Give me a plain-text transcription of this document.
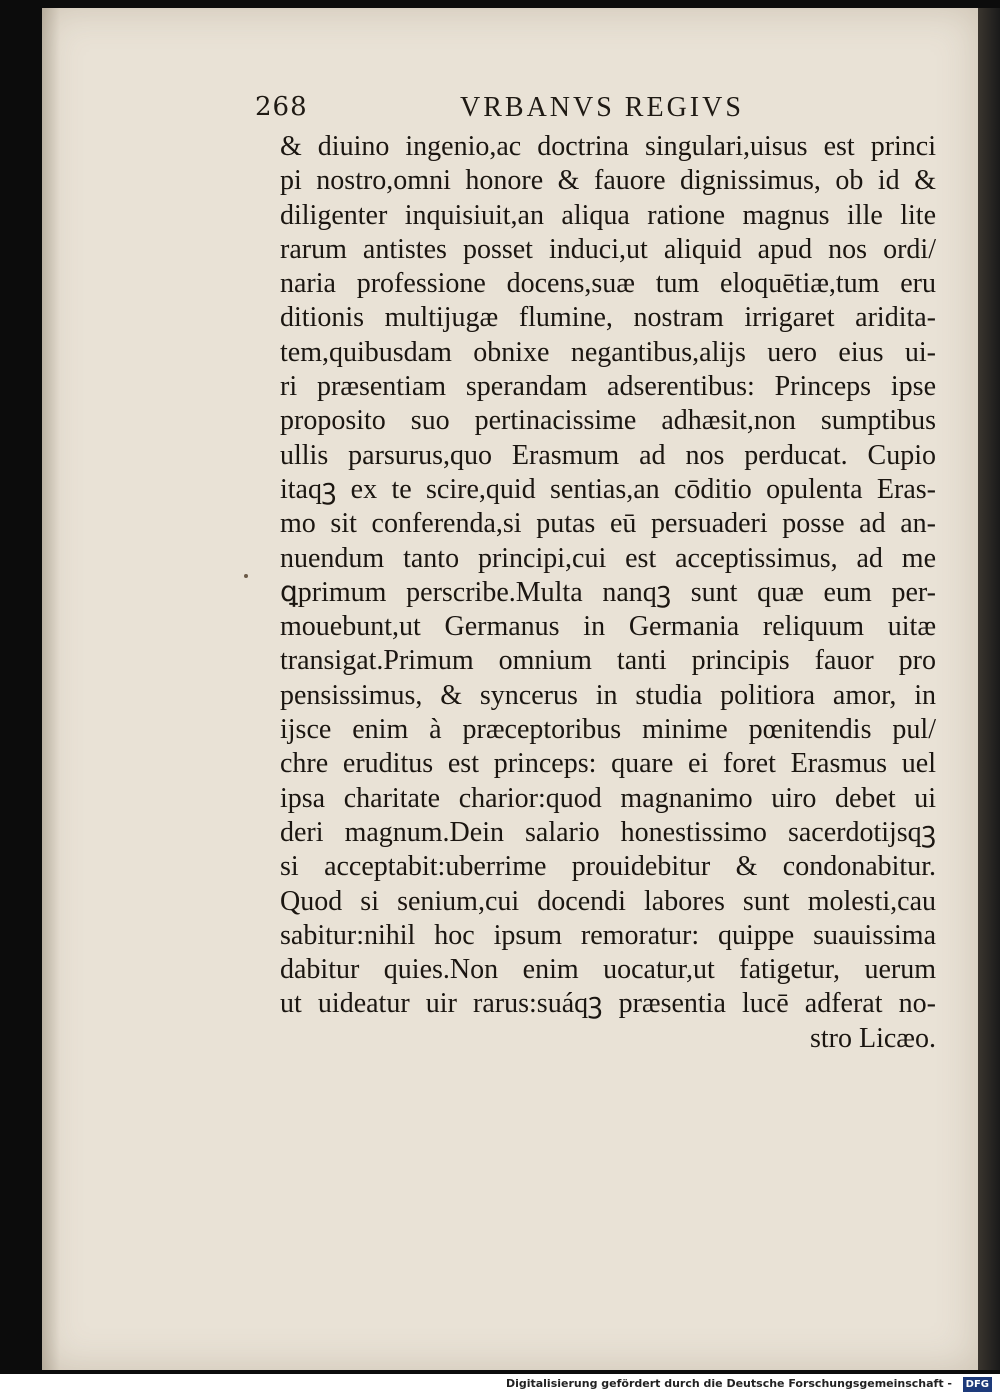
268	VRBANVS REGIVS
& diuino ingenio,ac doctrina singulari,uisus est princi
pi nostro,omni honore & fauore dignissimus, ob id &
diligenter inquisiuit,an aliqua ratione magnus ille lite
rarum antistes posset induci,ut aliquid apud nos ordi/
naria professione docens,suæ tum eloquētiæ,tum eru
ditionis multijugæ flumine, nostram irrigaret aridita-
tem,quibusdam obnixe negantibus,alijs uero eius ui-
ri præsentiam sperandam adserentibus: Princeps ipse
proposito suo pertinacissime adhæsit,non sumptibus
ullis parsurus,quo Erasmum ad nos perducat. Cupio
itaqꝫ ex te scire,quid sentias,an cōditio opulenta Eras-
mo sit conferenda,si putas eū persuaderi posse ad an-
nuendum tanto principi,cui est acceptissimus, ad me
ꝗprimum perscribe.Multa nanqꝫ sunt quæ eum per-
mouebunt,ut Germanus in Germania reliquum uitæ
transigat.Primum omnium tanti principis fauor pro
pensissimus, & syncerus in studia politiora amor, in
ijsce enim à præceptoribus minime pœnitendis pul/
chre eruditus est princeps: quare ei foret Erasmus uel
ipsa charitate charior:quod magnanimo uiro debet ui
deri magnum.Dein salario honestissimo sacerdotijsqꝫ
si acceptabit:uberrime prouidebitur & condonabitur.
Quod si senium,cui docendi labores sunt molesti,cau
sabitur:nihil hoc ipsum remoratur: quippe suauissima
dabitur quies.Non enim uocatur,ut fatigetur, uerum
ut uideatur uir rarus:suáqꝫ præsentia lucē adferat no-
stro Licæo.
Digitalisierung gefördert durch die Deutsche Forschungsgemeinschaft -	DFG
